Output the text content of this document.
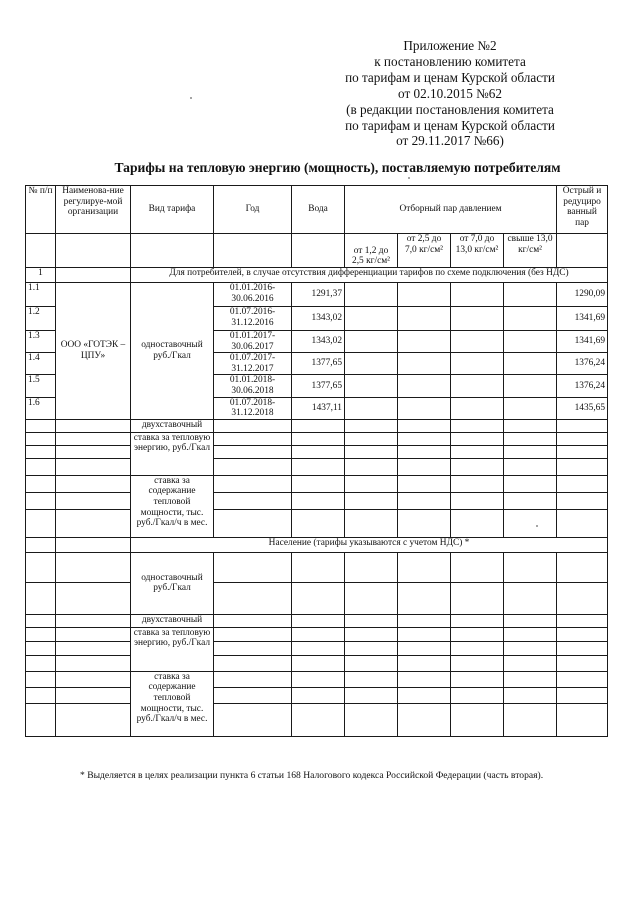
Приложение №2
к постановлению комитета
по тарифам и ценам Курской области
от 02.10.2015 №62
(в редакции постановления комитета
по тарифам и ценам Курской области
от 29.11.2017 №66)
Тарифы на тепловую энергию (мощность), поставляемую потребителям
№ п/п	Наименова-ние регулируе-мой организации	Вид тарифа	Год	Вода	Отборный пар давлением				Острый и редуциро ванный пар
					от 1,2 до 2,5 кг/см²	от 2,5 до 7,0 кг/см²	от 7,0 до 13,0 кг/см²	свыше 13,0 кг/см²	
1		Для потребителей, в случае отсутствия дифференциации тарифов по схеме подключения (без НДС)							
1.1	ООО «ГОТЭК – ЦПУ»	одноставочный руб./Гкал	01.01.2016-30.06.2016	1291,37					1290,09
1.2			01.07.2016-31.12.2016	1343,02					1341,69
1.3			01.01.2017-30.06.2017	1343,02					1341,69
1.4			01.07.2017-31.12.2017	1377,65					1376,24
1.5			01.01.2018-30.06.2018	1377,65					1376,24
1.6			01.07.2018-31.12.2018	1437,11					1435,65
		двухставочный							
		ставка за тепловую энергию, руб./Гкал							

		ставка за содержание тепловой мощности, тыс. руб./Гкал/ч в мес.							

		Население (тарифы указываются с учетом НДС) *							
		одноставочный руб./Гкал							

		двухставочный							
		ставка за тепловую энергию, руб./Гкал							

		ставка за содержание тепловой мощности, тыс. руб./Гкал/ч в мес.							

* Выделяется в целях реализации пункта 6 статьи 168 Налогового кодекса Российской Федерации (часть вторая).
